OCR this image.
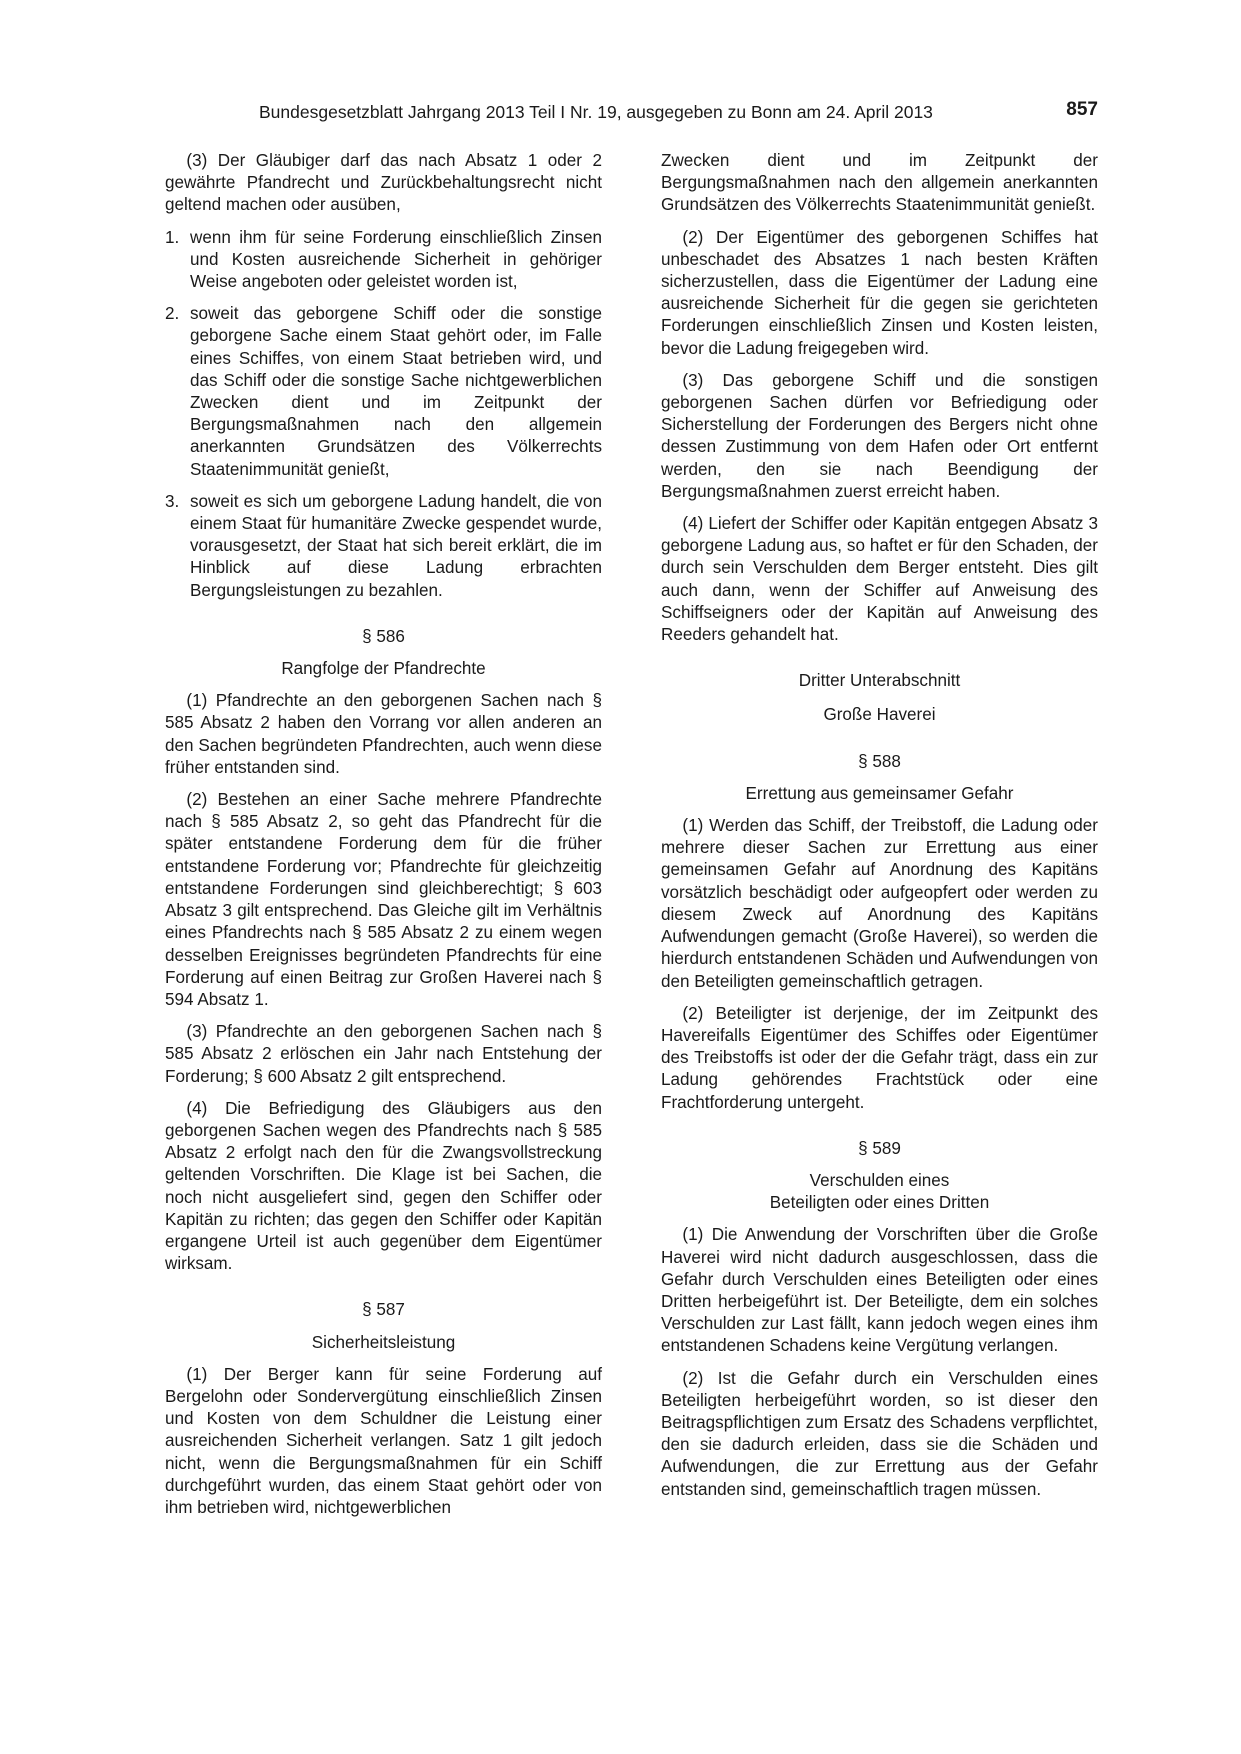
Bundesgesetzblatt Jahrgang 2013 Teil I Nr. 19, ausgegeben zu Bonn am 24. April 2013	857

(3) Der Gläubiger darf das nach Absatz 1 oder 2 gewährte Pfandrecht und Zurückbehaltungsrecht nicht geltend machen oder ausüben,

1. wenn ihm für seine Forderung einschließlich Zinsen und Kosten ausreichende Sicherheit in gehöriger Weise angeboten oder geleistet worden ist,
2. soweit das geborgene Schiff oder die sonstige geborgene Sache einem Staat gehört oder, im Falle eines Schiffes, von einem Staat betrieben wird, und das Schiff oder die sonstige Sache nichtgewerblichen Zwecken dient und im Zeitpunkt der Bergungsmaßnahmen nach den allgemein anerkannten Grundsätzen des Völkerrechts Staatenimmunität genießt,
3. soweit es sich um geborgene Ladung handelt, die von einem Staat für humanitäre Zwecke gespendet wurde, vorausgesetzt, der Staat hat sich bereit erklärt, die im Hinblick auf diese Ladung erbrachten Bergungsleistungen zu bezahlen.
§ 586
Rangfolge der Pfandrechte

(1) Pfandrechte an den geborgenen Sachen nach § 585 Absatz 2 haben den Vorrang vor allen anderen an den Sachen begründeten Pfandrechten, auch wenn diese früher entstanden sind.

(2) Bestehen an einer Sache mehrere Pfandrechte nach § 585 Absatz 2, so geht das Pfandrecht für die später entstandene Forderung dem für die früher entstandene Forderung vor; Pfandrechte für gleichzeitig entstandene Forderungen sind gleichberechtigt; § 603 Absatz 3 gilt entsprechend. Das Gleiche gilt im Verhältnis eines Pfandrechts nach § 585 Absatz 2 zu einem wegen desselben Ereignisses begründeten Pfandrechts für eine Forderung auf einen Beitrag zur Großen Haverei nach § 594 Absatz 1.

(3) Pfandrechte an den geborgenen Sachen nach § 585 Absatz 2 erlöschen ein Jahr nach Entstehung der Forderung; § 600 Absatz 2 gilt entsprechend.

(4) Die Befriedigung des Gläubigers aus den geborgenen Sachen wegen des Pfandrechts nach § 585 Absatz 2 erfolgt nach den für die Zwangsvollstreckung geltenden Vorschriften. Die Klage ist bei Sachen, die noch nicht ausgeliefert sind, gegen den Schiffer oder Kapitän zu richten; das gegen den Schiffer oder Kapitän ergangene Urteil ist auch gegenüber dem Eigentümer wirksam.

§ 587
Sicherheitsleistung

(1) Der Berger kann für seine Forderung auf Bergelohn oder Sondervergütung einschließlich Zinsen und Kosten von dem Schuldner die Leistung einer ausreichenden Sicherheit verlangen. Satz 1 gilt jedoch nicht, wenn die Bergungsmaßnahmen für ein Schiff durchgeführt wurden, das einem Staat gehört oder von ihm betrieben wird, nichtgewerblichen

Zwecken dient und im Zeitpunkt der Bergungsmaßnahmen nach den allgemein anerkannten Grundsätzen des Völkerrechts Staatenimmunität genießt.

(2) Der Eigentümer des geborgenen Schiffes hat unbeschadet des Absatzes 1 nach besten Kräften sicherzustellen, dass die Eigentümer der Ladung eine ausreichende Sicherheit für die gegen sie gerichteten Forderungen einschließlich Zinsen und Kosten leisten, bevor die Ladung freigegeben wird.

(3) Das geborgene Schiff und die sonstigen geborgenen Sachen dürfen vor Befriedigung oder Sicherstellung der Forderungen des Bergers nicht ohne dessen Zustimmung von dem Hafen oder Ort entfernt werden, den sie nach Beendigung der Bergungsmaßnahmen zuerst erreicht haben.

(4) Liefert der Schiffer oder Kapitän entgegen Absatz 3 geborgene Ladung aus, so haftet er für den Schaden, der durch sein Verschulden dem Berger entsteht. Dies gilt auch dann, wenn der Schiffer auf Anweisung des Schiffseigners oder der Kapitän auf Anweisung des Reeders gehandelt hat.

Dritter Unterabschnitt
Große Haverei
§ 588
Errettung aus gemeinsamer Gefahr

(1) Werden das Schiff, der Treibstoff, die Ladung oder mehrere dieser Sachen zur Errettung aus einer gemeinsamen Gefahr auf Anordnung des Kapitäns vorsätzlich beschädigt oder aufgeopfert oder werden zu diesem Zweck auf Anordnung des Kapitäns Aufwendungen gemacht (Große Haverei), so werden die hierdurch entstandenen Schäden und Aufwendungen von den Beteiligten gemeinschaftlich getragen.

(2) Beteiligter ist derjenige, der im Zeitpunkt des Havereifalls Eigentümer des Schiffes oder Eigentümer des Treibstoffs ist oder der die Gefahr trägt, dass ein zur Ladung gehörendes Frachtstück oder eine Frachtforderung untergeht.

§ 589
Verschulden eines
Beteiligten oder eines Dritten

(1) Die Anwendung der Vorschriften über die Große Haverei wird nicht dadurch ausgeschlossen, dass die Gefahr durch Verschulden eines Beteiligten oder eines Dritten herbeigeführt ist. Der Beteiligte, dem ein solches Verschulden zur Last fällt, kann jedoch wegen eines ihm entstandenen Schadens keine Vergütung verlangen.

(2) Ist die Gefahr durch ein Verschulden eines Beteiligten herbeigeführt worden, so ist dieser den Beitragspflichtigen zum Ersatz des Schadens verpflichtet, den sie dadurch erleiden, dass sie die Schäden und Aufwendungen, die zur Errettung aus der Gefahr entstanden sind, gemeinschaftlich tragen müssen.
